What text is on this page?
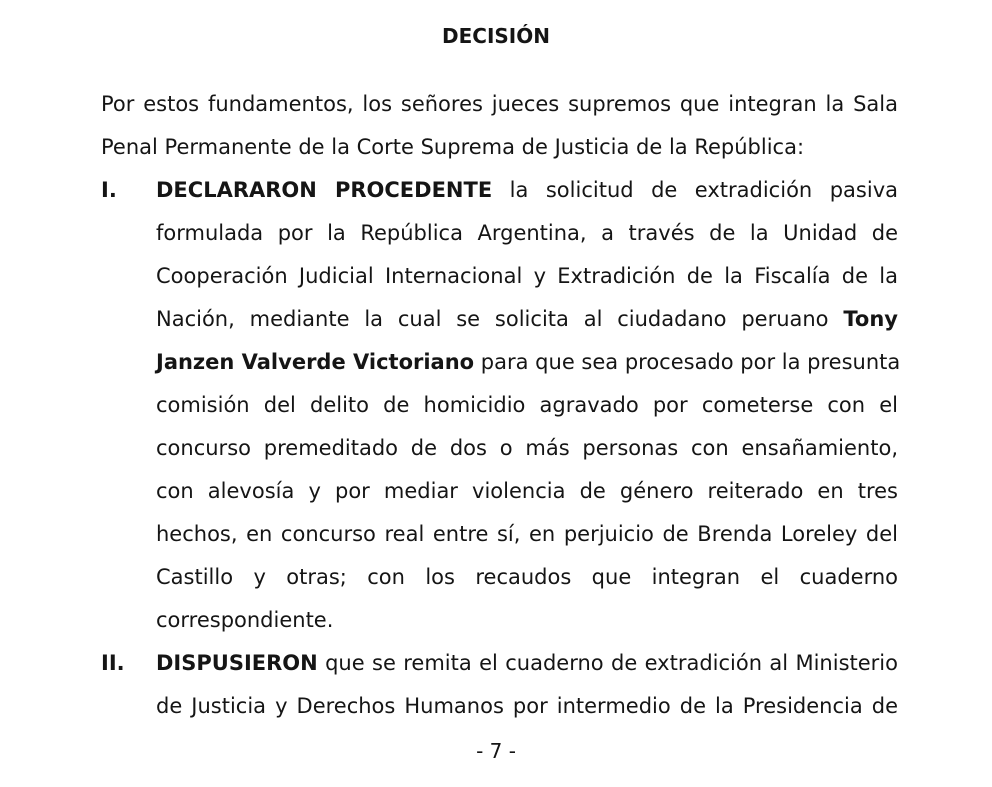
DECISIÓN
Por estos fundamentos, los señores jueces supremos que integran la Sala
Penal Permanente de la Corte Suprema de Justicia de la República:
I. DECLARARON PROCEDENTE la solicitud de extradición pasiva
formulada por la República Argentina, a través de la Unidad de
Cooperación Judicial Internacional y Extradición de la Fiscalía de la
Nación, mediante la cual se solicita al ciudadano peruano Tony
Janzen Valverde Victoriano para que sea procesado por la presunta
comisión del delito de homicidio agravado por cometerse con el
concurso premeditado de dos o más personas con ensañamiento,
con alevosía y por mediar violencia de género reiterado en tres
hechos, en concurso real entre sí, en perjuicio de Brenda Loreley del
Castillo y otras; con los recaudos que integran el cuaderno
correspondiente.
II. DISPUSIERON que se remita el cuaderno de extradición al Ministerio
de Justicia y Derechos Humanos por intermedio de la Presidencia de
- 7 -
